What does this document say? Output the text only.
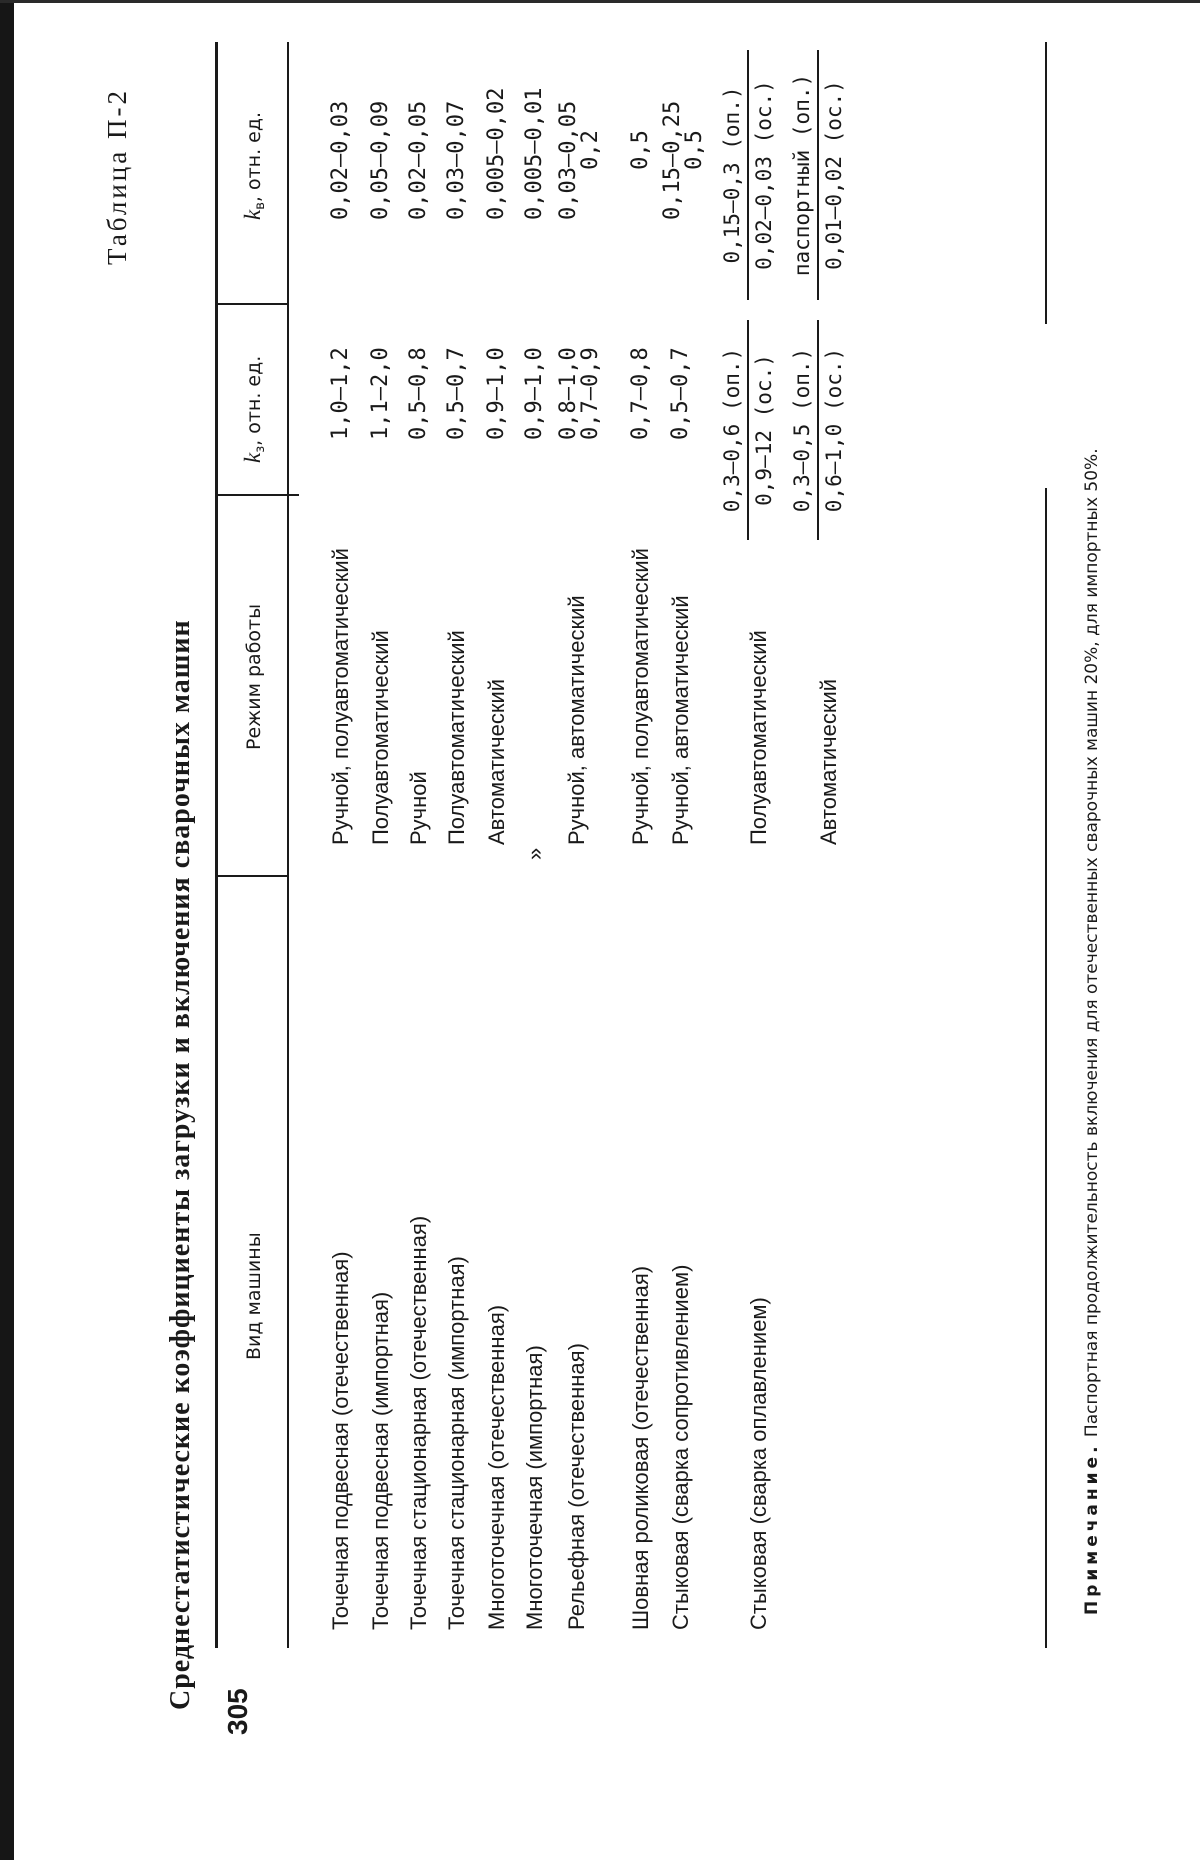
305
Таблица П-2
Среднестатистические коэффициенты загрузки и включения сварочных машин Вид машины
Режим работы
$k_з$, отн. ед.
$k_в$, отн. ед.
Точечная подвесная (отечественная)
Ручной, полуавтоматический
1,0—1,2
0,02—0,03
Точечная подвесная (импортная)
Полуавтоматический
1,1—2,0
0,05—0,09
Точечная стационарная (отечественная)
Ручной
0,5—0,8
0,02—0,05
Точечная стационарная (импортная)
Полуавтоматический
0,5—0,7
0,03—0,07
Многоточечная (отечественная)
Автоматический
0,9—1,0
0,005—0,02
Многоточечная (импортная)
»
0,9—1,0
0,005—0,01
Рельефная (отечественная)
Ручной, автоматический
0,8—1,0
0,7—0,9
0,03—0,05
0,2
Шовная роликовая (отечественная)
Ручной, полуавтоматический
0,7—0,8
0,5
Стыковая (сварка сопротивлением)
Ручной, автоматический
0,5—0,7
0,15—0,25
0,5
Стыковая (сварка оплавлением)
Полуавтоматический
0,3—0,6 (оп.) 0,9—12 (ос.)
0,15—0,3 (оп.) 0,02—0,03 (ос.)
Автоматический
0,3—0,5 (оп.) 0,6—1,0 (ос.)
паспортный (оп.) 0,01—0,02 (ос.)
Примечание. Паспортная продолжительность включения для отечественных сварочных машин 20%, для импортных 50%.
